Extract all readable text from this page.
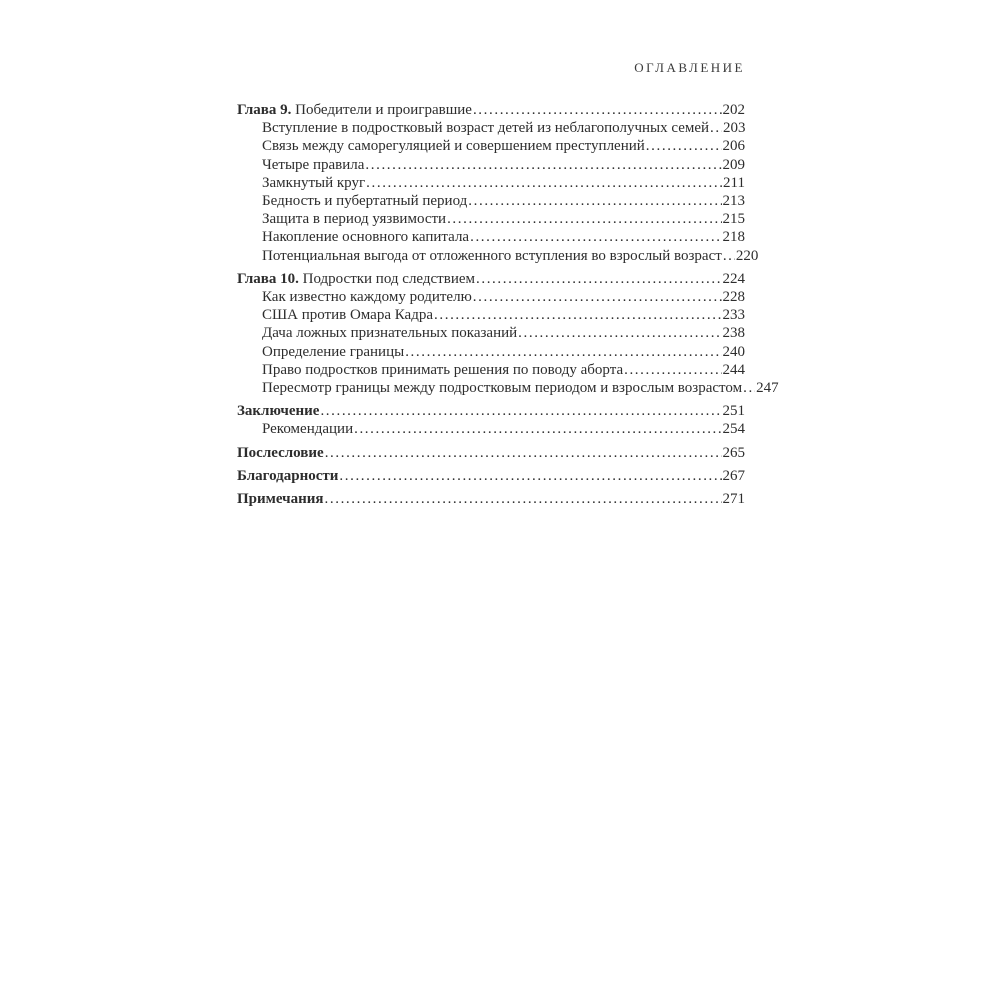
ОГЛАВЛЕНИЕ
Глава 9. Победители и проигравшие .....	202
Вступление в подростковый возраст детей из неблагополучных семей ..... 203
Связь между саморегуляцией и совершением преступлений .....	206
Четыре правила .....	209
Замкнутый круг .....	211
Бедность и пубертатный период .....	213
Защита в период уязвимости .....	215
Накопление основного капитала .....	218
Потенциальная выгода от отложенного вступления во взрослый возраст ..... 220
Глава 10. Подростки под следствием .....	224
Как известно каждому родителю .....	228
США против Омара Кадра .....	233
Дача ложных признательных показаний .....	238
Определение границы .....	240
Право подростков принимать решения по поводу аборта .....	244
Пересмотр границы между подростковым периодом и взрослым возрастом ..... 247
Заключение .....	251
Рекомендации .....	254
Послесловие .....	265
Благодарности .....	267
Примечания .....	271
